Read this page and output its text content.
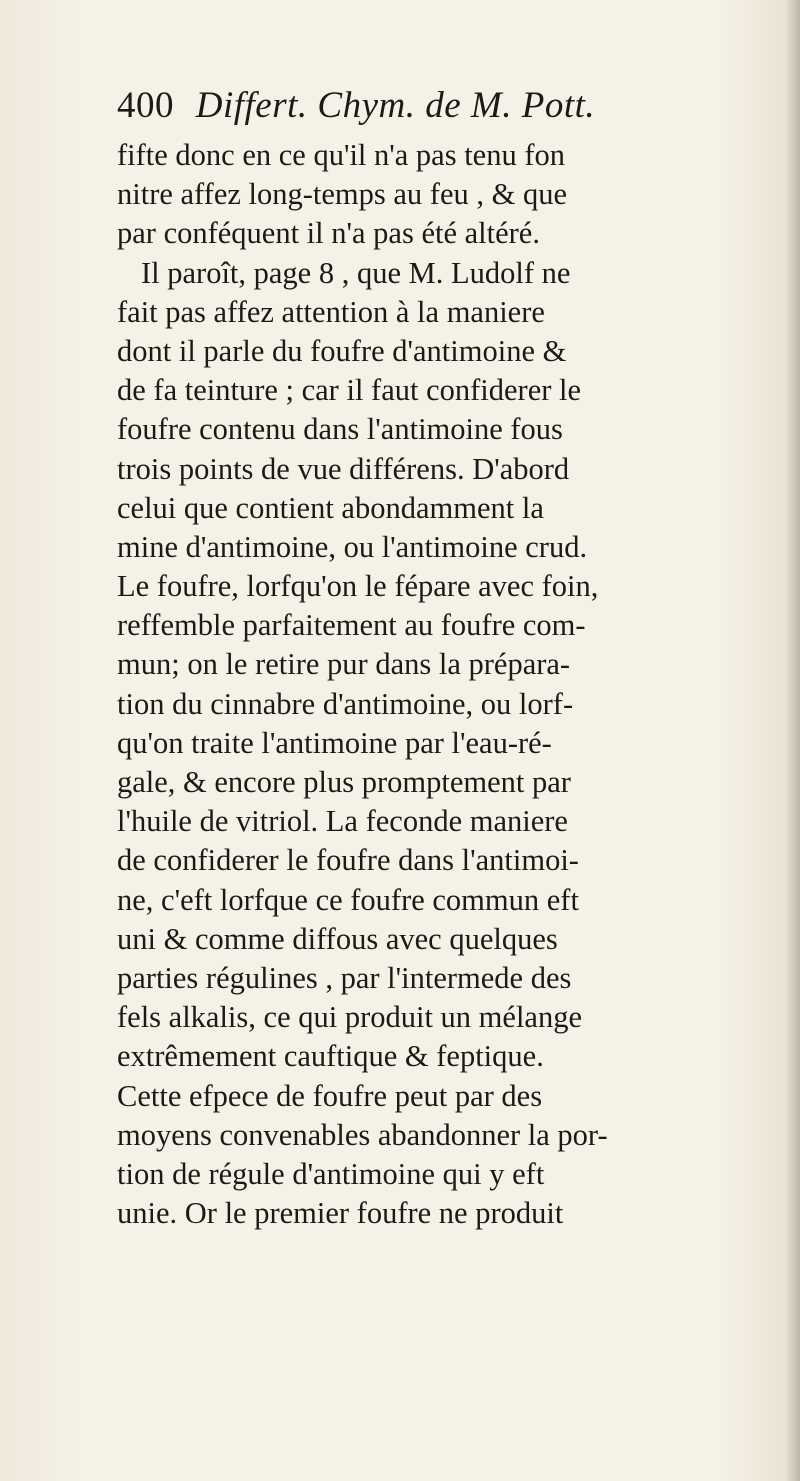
400 Differt. Chym. de M. Pott.
fifte donc en ce qu'il n'a pas tenu fon
nitre affez long-temps au feu , & que
par conféquent il n'a pas été altéré.
Il paroît, page 8 , que M. Ludolf ne
fait pas affez attention à la maniere
dont il parle du foufre d'antimoine &
de fa teinture ; car il faut confiderer le
foufre contenu dans l'antimoine fous
trois points de vue différens. D'abord
celui que contient abondamment la
mine d'antimoine, ou l'antimoine crud.
Le foufre, lorfqu'on le fépare avec foin,
reffemble parfaitement au foufre com-
mun; on le retire pur dans la prépara-
tion du cinnabre d'antimoine, ou lorf-
qu'on traite l'antimoine par l'eau-ré-
gale, & encore plus promptement par
l'huile de vitriol. La feconde maniere
de confiderer le foufre dans l'antimoi-
ne, c'eft lorfque ce foufre commun eft
uni & comme diffous avec quelques
parties régulines , par l'intermede des
fels alkalis, ce qui produit un mélange
extrêmement cauftique & feptique.
Cette efpece de foufre peut par des
moyens convenables abandonner la por-
tion de régule d'antimoine qui y eft
unie. Or le premier foufre ne produit
